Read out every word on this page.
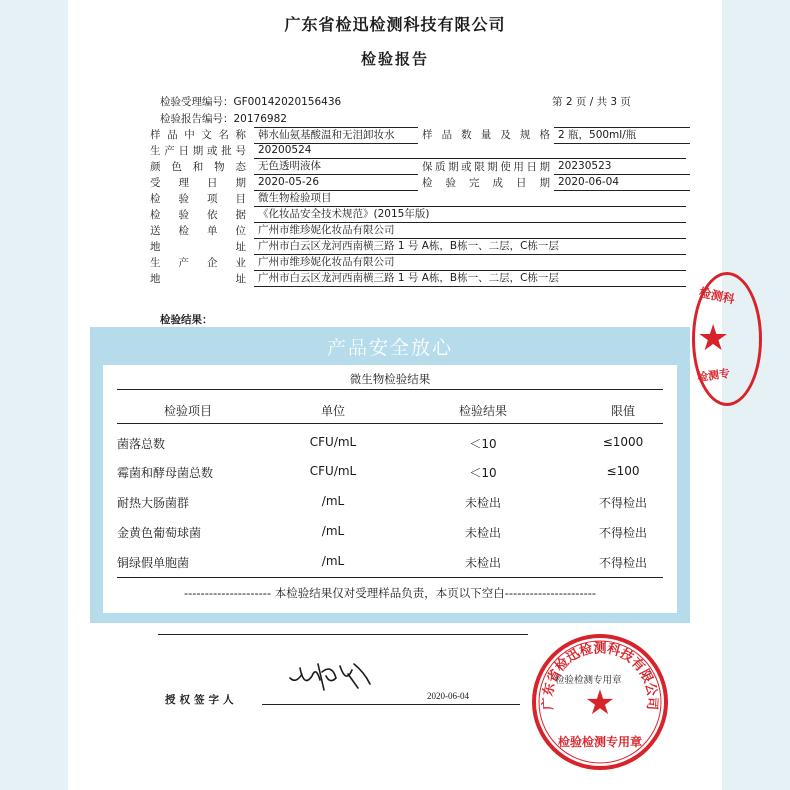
广东省检迅检测科技有限公司
检验报告
检验受理编号：GF00142020156436
检验报告编号：20176982
第 2 页 / 共 3 页
样品中文名称	韩水仙氨基酸温和无泪卸妆水	样品数量及规格 2 瓶，500ml/瓶
生产日期或批号	20200524
颜色和物态	无色透明液体	保质期或限期使用日期 20230523
受理日期	2020-05-26	检验完成日期 2020-06-04
检验项目	微生物检验项目
检验依据	《化妆品安全技术规范》(2015年版)
送检单位	广州市维珍妮化妆品有限公司
地址	广州市白云区龙河西南横三路 1 号 A栋，B栋一、二层，C栋一层
生产企业	广州市维珍妮化妆品有限公司
地址	广州市白云区龙河西南横三路 1 号 A栋，B栋一、二层，C栋一层
检验结果：
检测科
★
检测专
产品安全放心
微生物检验结果
检验项目	单位	检验结果	限值
菌落总数	CFU/mL	＜10	≤1000
霉菌和酵母菌总数	CFU/mL	＜10	≤100
耐热大肠菌群	/mL	未检出	不得检出
金黄色葡萄球菌	/mL	未检出	不得检出
铜绿假单胞菌	/mL	未检出	不得检出
--------------------- 本检验结果仅对受理样品负责，本页以下空白----------------------
授权签字人	2020-06-04
广东省检迅检测科技有限公司
★
检验检测专用章
检验检测专用章
